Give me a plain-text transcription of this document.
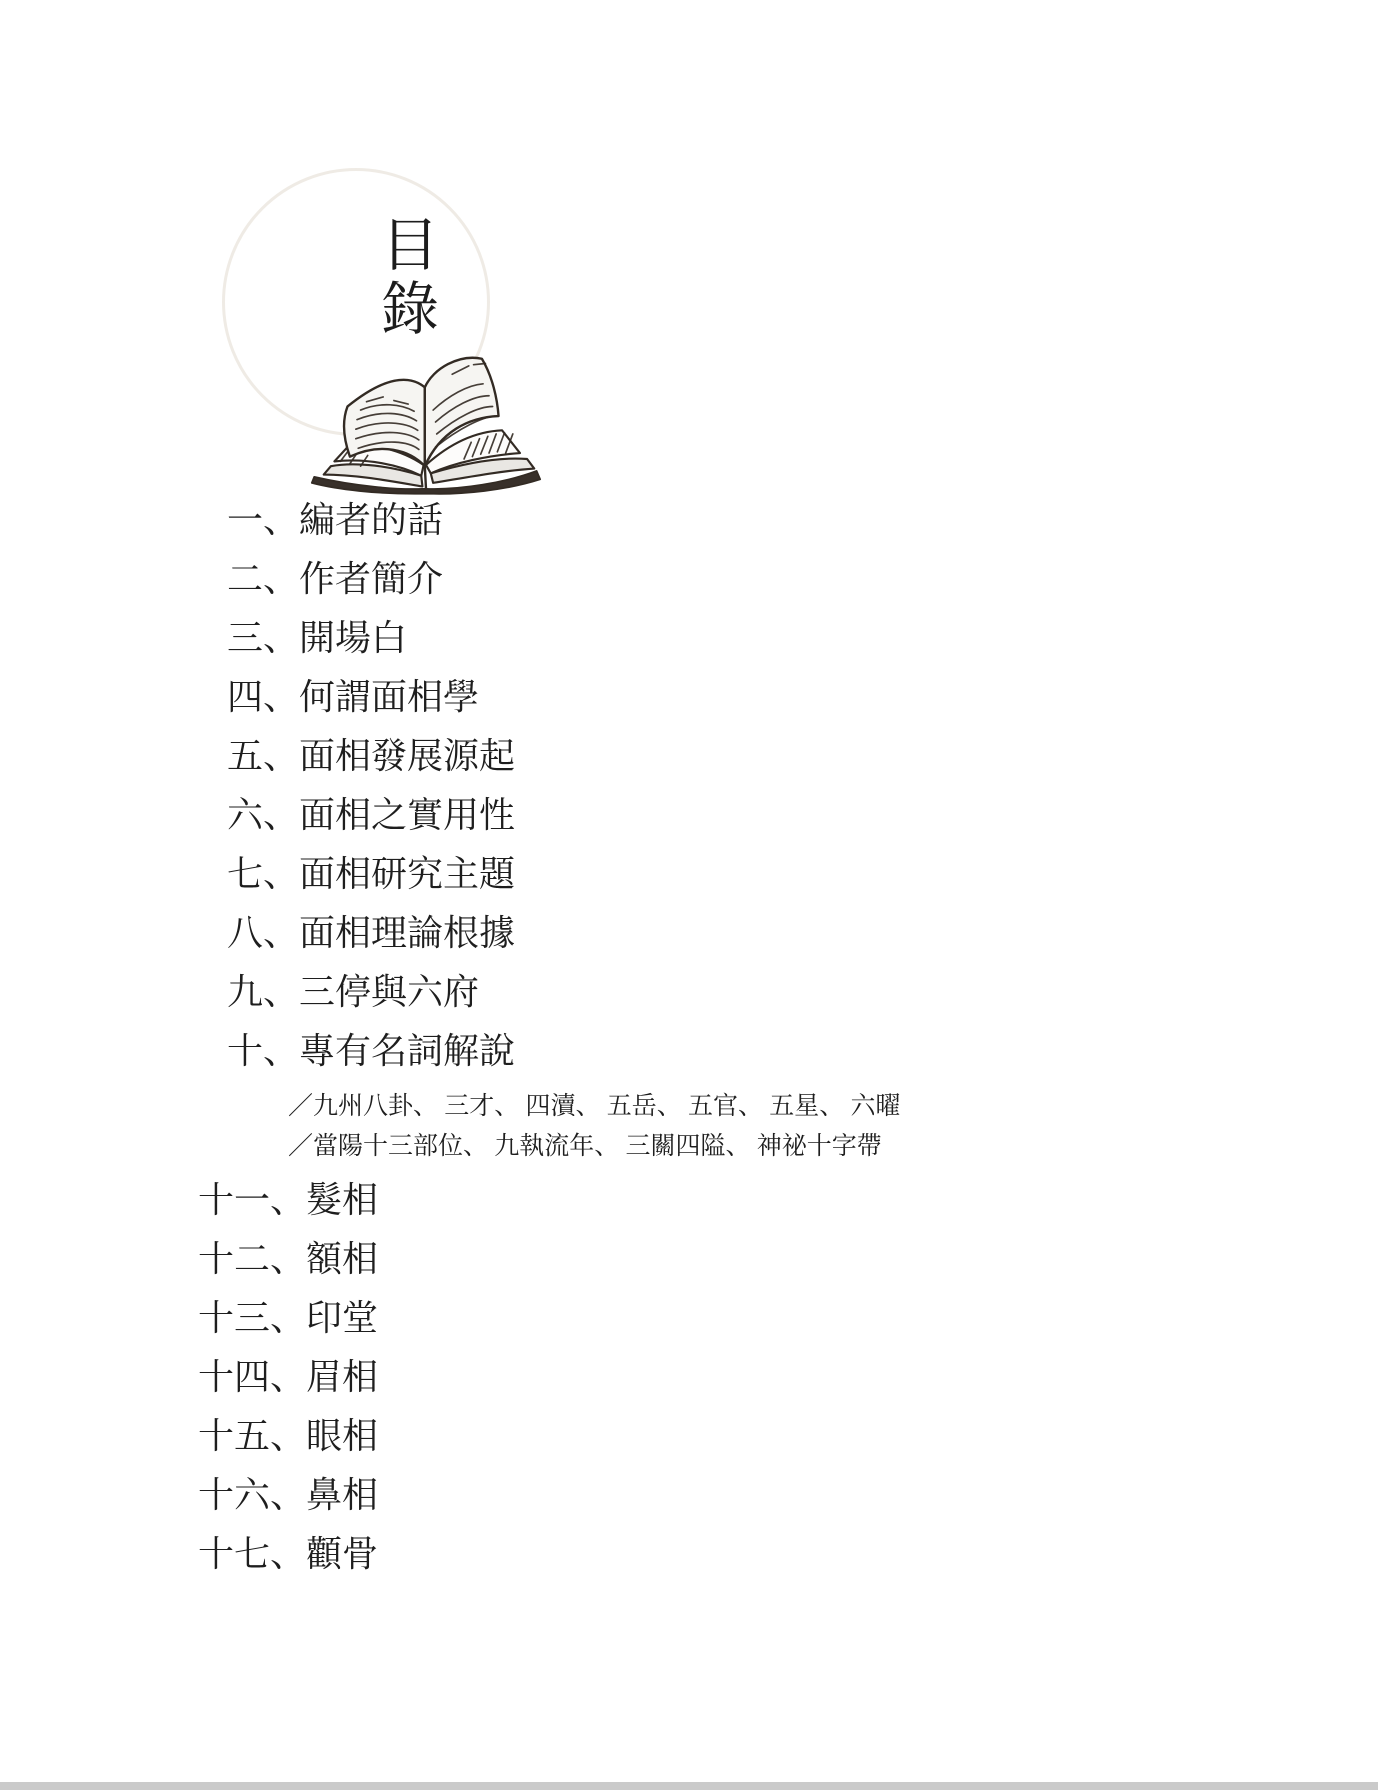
目錄
一、編者的話
二、作者簡介
三、開場白
四、何謂面相學
五、面相發展源起
六、面相之實用性
七、面相研究主題
八、面相理論根據
九、三停與六府
十、專有名詞解說
／九州八卦、 三才、 四瀆、 五岳、 五官、 五星、 六曜
／當陽十三部位、 九執流年、 三關四隘、 神祕十字帶
十一、髮相
十二、額相
十三、印堂
十四、眉相
十五、眼相
十六、鼻相
十七、顴骨
